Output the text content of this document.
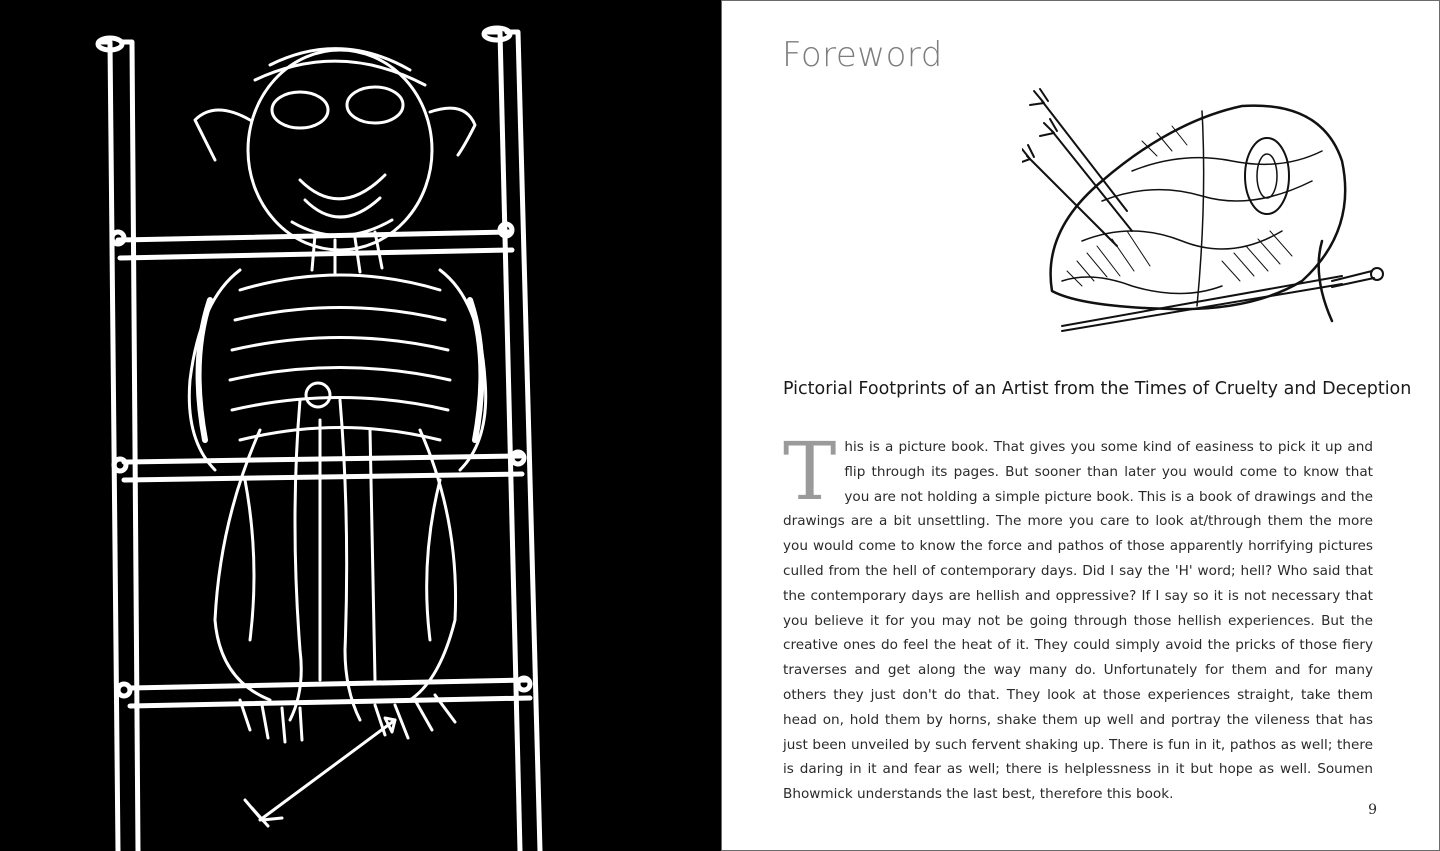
Foreword

Pictorial Footprints of an Artist from the Times of Cruelty and Deception

This is a picture book. That gives you some kind of easiness to pick it up and flip through its pages. But sooner than later you would come to know that you are not holding a simple picture book. This is a book of drawings and the drawings are a bit unsettling. The more you care to look at/through them the more you would come to know the force and pathos of those apparently horrifying pictures culled from the hell of contemporary days. Did I say the 'H' word; hell? Who said that the contemporary days are hellish and oppressive? If I say so it is not necessary that you believe it for you may not be going through those hellish experiences. But the creative ones do feel the heat of it. They could simply avoid the pricks of those fiery traverses and get along the way many do. Unfortunately for them and for many others they just don't do that. They look at those experiences straight, take them head on, hold them by horns, shake them up well and portray the vileness that has just been unveiled by such fervent shaking up. There is fun in it, pathos as well; there is daring in it and fear as well; there is helplessness in it but hope as well. Soumen Bhowmick understands the last best, therefore this book.

9
